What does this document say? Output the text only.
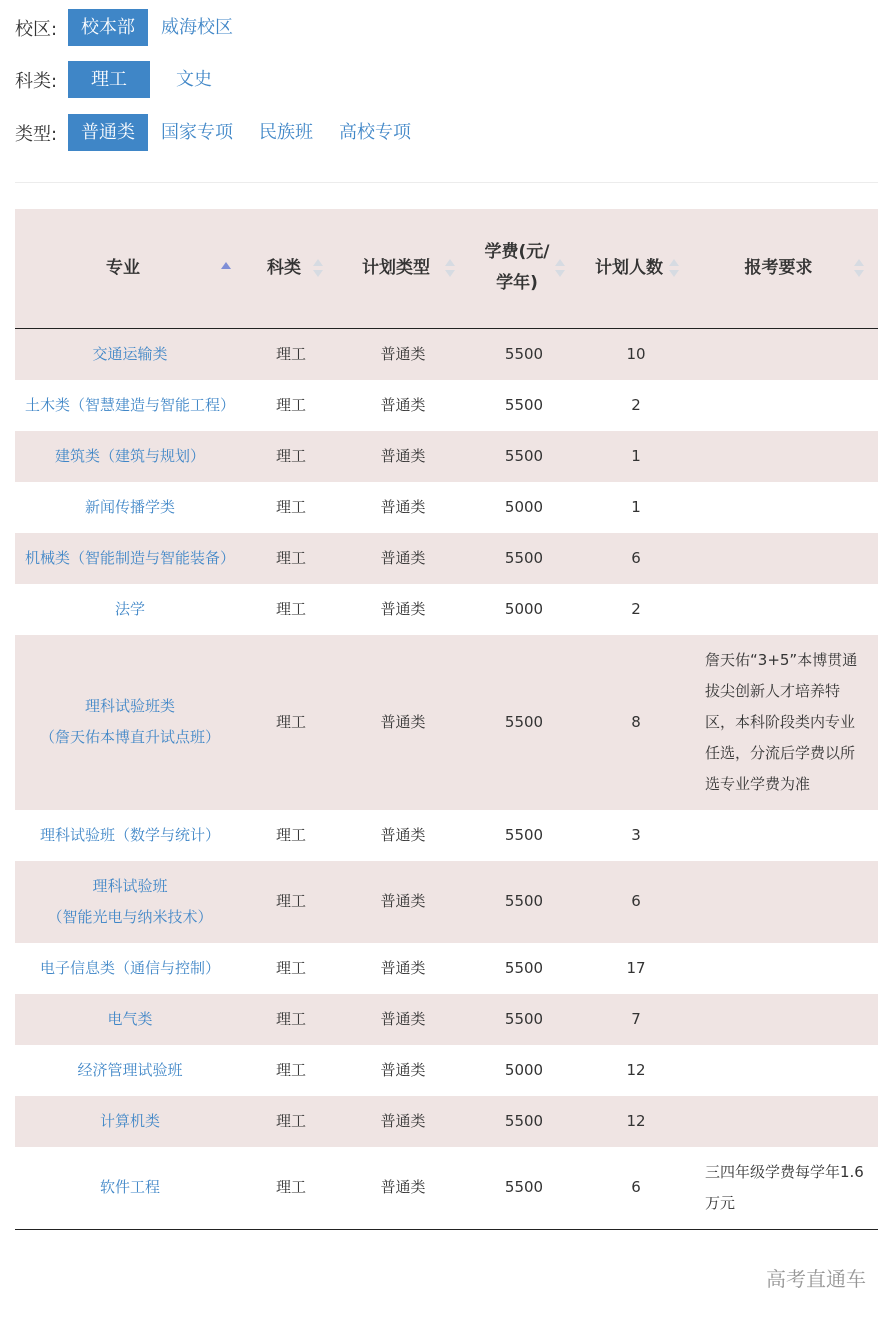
校区:	校本部	威海校区
科类:	理工	文史
类型:	普通类	国家专项	民族班	高校专项
专业	科类	计划类型	学费(元/学年)	计划人数	报考要求

交通运输类	理工	普通类	5500	10	
土木类（智慧建造与智能工程）	理工	普通类	5500	2	
建筑类（建筑与规划）	理工	普通类	5500	1	
新闻传播学类	理工	普通类	5000	1	
机械类（智能制造与智能装备）	理工	普通类	5500	6	
法学	理工	普通类	5000	2	
理科试验班类
（詹天佑本博直升试点班）	理工	普通类	5500	8	詹天佑“3+5”本博贯通拔尖创新人才培养特区，本科阶段类内专业任选，分流后学费以所选专业学费为准
理科试验班（数学与统计）	理工	普通类	5500	3	
理科试验班
（智能光电与纳米技术）	理工	普通类	5500	6	
电子信息类（通信与控制）	理工	普通类	5500	17	
电气类	理工	普通类	5500	7	
经济管理试验班	理工	普通类	5000	12	
计算机类	理工	普通类	5500	12	
软件工程	理工	普通类	5500	6	三四年级学费每学年1.6万元
高考直通车
